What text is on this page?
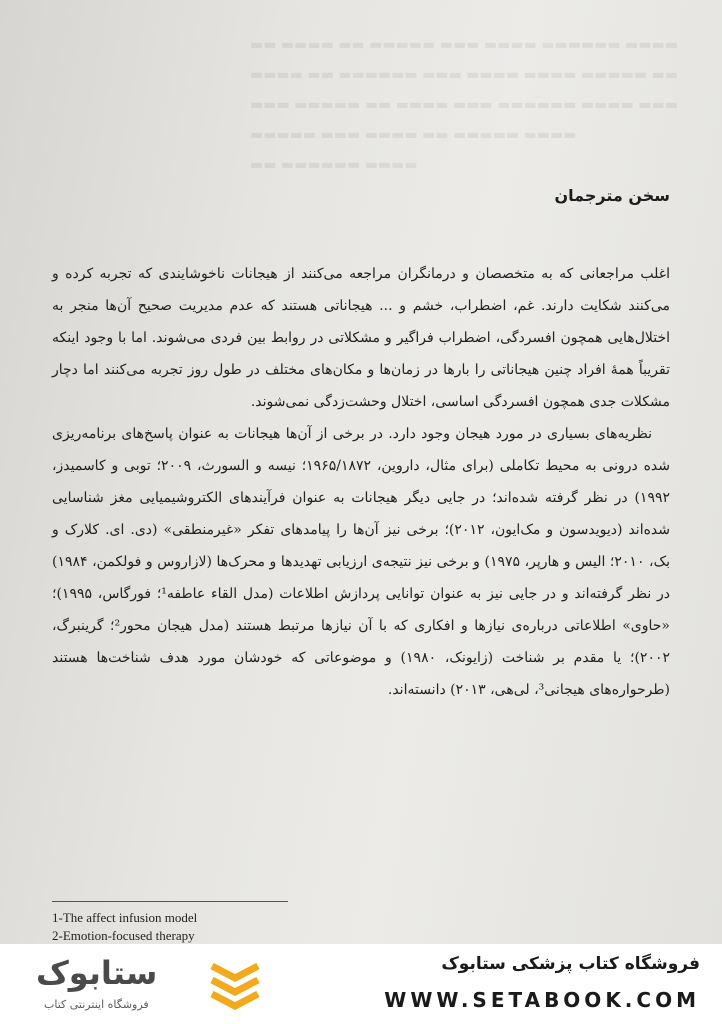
▬▬ ▬▬▬▬ ▬▬ ▬▬▬▬▬ ▬▬▬ ▬▬▬▬ ▬▬▬▬▬▬ ▬▬▬▬
▬▬▬▬ ▬▬ ▬▬▬▬▬▬ ▬▬▬ ▬▬▬▬ ▬▬▬▬ ▬▬▬▬▬ ▬▬
▬▬▬ ▬▬▬▬▬ ▬▬ ▬▬▬▬ ▬▬▬ ▬▬▬▬▬▬ ▬▬▬▬ ▬▬▬
▬▬▬▬▬ ▬▬▬ ▬▬▬▬ ▬▬ ▬▬▬▬▬ ▬▬▬▬
▬▬ ▬▬▬▬▬▬ ▬▬▬▬
سخن مترجمان

اغلب مراجعانی که به متخصصان و درمانگران مراجعه می‌کنند از هیجانات ناخوشایندی که تجربه کرده و می‌کنند شکایت دارند. غم، اضطراب، خشم و ... هیجاناتی هستند که عدم مدیریت صحیح آن‌ها منجر به اختلال‌هایی همچون افسردگی، اضطراب فراگیر و مشکلاتی در روابط بین فردی می‌شوند. اما با وجود اینکه تقریباً همهٔ افراد چنین هیجاناتی را بارها در زمان‌ها و مکان‌های مختلف در طول روز تجربه می‌کنند اما دچار مشکلات جدی همچون افسردگی اساسی، اختلال وحشت‌زدگی نمی‌شوند.

نظریه‌های بسیاری در مورد هیجان وجود دارد. در برخی از آن‌ها هیجانات به عنوان پاسخ‌های برنامه‌ریزی شده درونی به محیط تکاملی (برای مثال، داروین، ۱۹۶۵/۱۸۷۲؛ نیسه و السورث، ۲۰۰۹؛ توبی و کاسمیدز، ۱۹۹۲) در نظر گرفته شده‌اند؛ در جایی دیگر هیجانات به عنوان فرآیندهای الکتروشیمیایی مغز شناسایی شده‌اند (دیویدسون و مک‌ایون، ۲۰۱۲)؛ برخی نیز آن‌ها را پیامدهای تفکر «غیرمنطقی» (دی. ای. کلارک و بک، ۲۰۱۰؛ الیس و هارپر، ۱۹۷۵) و برخی نیز نتیجه‌ی ارزیابی تهدیدها و محرک‌ها (لازاروس و فولکمن، ۱۹۸۴) در نظر گرفته‌اند و در جایی نیز به عنوان توانایی پردازش اطلاعات (مدل القاء عاطفه¹؛ فورگاس، ۱۹۹۵)؛ «حاوی» اطلاعاتی درباره‌ی نیازها و افکاری که با آن نیازها مرتبط هستند (مدل هیجان محور²؛ گرینبرگ، ۲۰۰۲)؛ یا مقدم بر شناخت (زایونک، ۱۹۸۰) و موضوعاتی که خودشان مورد هدف شناخت‌ها هستند (طرحواره‌های هیجانی³، لی‌هی، ۲۰۱۳) دانسته‌اند.

1-The affect infusion model
2-Emotion-focused therapy
ستابوک
فروشگاه اینترنتی کتاب
فروشگاه کتاب پزشکی ستابوک
WWW.SETABOOK.COM
